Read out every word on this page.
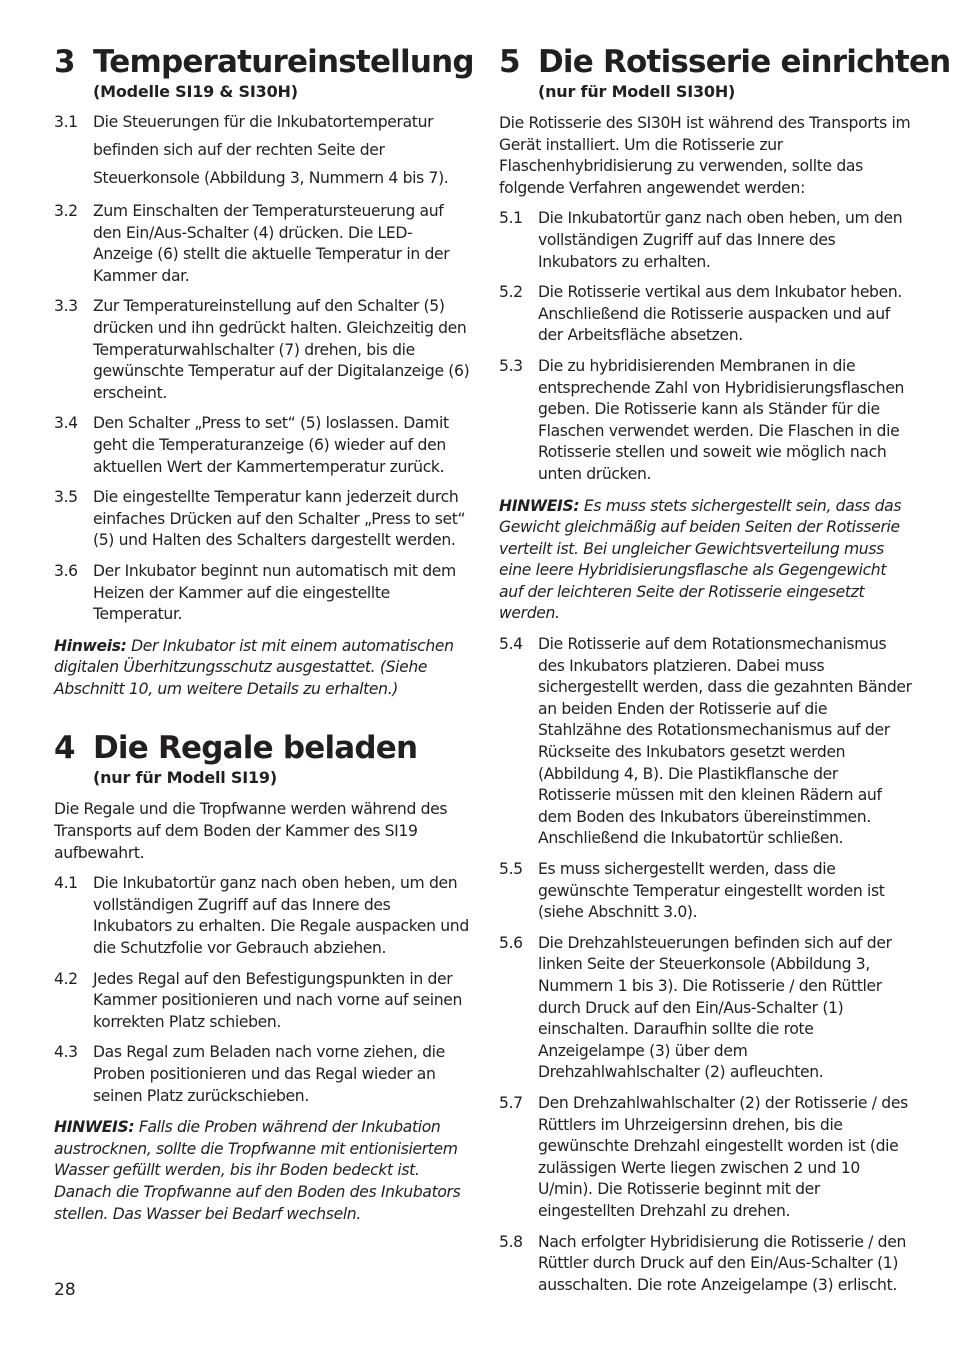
3 Temperatureinstellung
(Modelle SI19 & SI30H)
3.1 Die Steuerungen für die Inkubatortemperatur befinden sich auf der rechten Seite der Steuerkonsole (Abbildung 3, Nummern 4 bis 7).
3.2 Zum Einschalten der Temperatursteuerung auf den Ein/Aus-Schalter (4) drücken. Die LED-Anzeige (6) stellt die aktuelle Temperatur in der Kammer dar.
3.3 Zur Temperatureinstellung auf den Schalter (5) drücken und ihn gedrückt halten. Gleichzeitig den Temperaturwahlschalter (7) drehen, bis die gewünschte Temperatur auf der Digitalanzeige (6) erscheint.
3.4 Den Schalter „Press to set“ (5) loslassen. Damit geht die Temperaturanzeige (6) wieder auf den aktuellen Wert der Kammertemperatur zurück.
3.5 Die eingestellte Temperatur kann jederzeit durch einfaches Drücken auf den Schalter „Press to set“ (5) und Halten des Schalters dargestellt werden.
3.6 Der Inkubator beginnt nun automatisch mit dem Heizen der Kammer auf die eingestellte Temperatur.
Hinweis: Der Inkubator ist mit einem automatischen digitalen Überhitzungsschutz ausgestattet. (Siehe Abschnitt 10, um weitere Details zu erhalten.)
4 Die Regale beladen
(nur für Modell SI19)
Die Regale und die Tropfwanne werden während des Transports auf dem Boden der Kammer des SI19 aufbewahrt.
4.1 Die Inkubatortür ganz nach oben heben, um den vollständigen Zugriff auf das Innere des Inkubators zu erhalten. Die Regale auspacken und die Schutzfolie vor Gebrauch abziehen.
4.2 Jedes Regal auf den Befestigungspunkten in der Kammer positionieren und nach vorne auf seinen korrekten Platz schieben.
4.3 Das Regal zum Beladen nach vorne ziehen, die Proben positionieren und das Regal wieder an seinen Platz zurückschieben.
HINWEIS: Falls die Proben während der Inkubation austrocknen, sollte die Tropfwanne mit entionisiertem Wasser gefüllt werden, bis ihr Boden bedeckt ist. Danach die Tropfwanne auf den Boden des Inkubators stellen. Das Wasser bei Bedarf wechseln.
5 Die Rotisserie einrichten
(nur für Modell SI30H)
Die Rotisserie des SI30H ist während des Transports im Gerät installiert. Um die Rotisserie zur Flaschenhybridisierung zu verwenden, sollte das folgende Verfahren angewendet werden:
5.1 Die Inkubatortür ganz nach oben heben, um den vollständigen Zugriff auf das Innere des Inkubators zu erhalten.
5.2 Die Rotisserie vertikal aus dem Inkubator heben. Anschließend die Rotisserie auspacken und auf der Arbeitsfläche absetzen.
5.3 Die zu hybridisierenden Membranen in die entsprechende Zahl von Hybridisierungsflaschen geben. Die Rotisserie kann als Ständer für die Flaschen verwendet werden. Die Flaschen in die Rotisserie stellen und soweit wie möglich nach unten drücken.
HINWEIS: Es muss stets sichergestellt sein, dass das Gewicht gleichmäßig auf beiden Seiten der Rotisserie verteilt ist. Bei ungleicher Gewichtsverteilung muss eine leere Hybridisierungsflasche als Gegengewicht auf der leichteren Seite der Rotisserie eingesetzt werden.
5.4 Die Rotisserie auf dem Rotationsmechanismus des Inkubators platzieren. Dabei muss sichergestellt werden, dass die gezahnten Bänder an beiden Enden der Rotisserie auf die Stahlzähne des Rotationsmechanismus auf der Rückseite des Inkubators gesetzt werden (Abbildung 4, B). Die Plastikflansche der Rotisserie müssen mit den kleinen Rädern auf dem Boden des Inkubators übereinstimmen. Anschließend die Inkubatortür schließen.
5.5 Es muss sichergestellt werden, dass die gewünschte Temperatur eingestellt worden ist (siehe Abschnitt 3.0).
5.6 Die Drehzahlsteuerungen befinden sich auf der linken Seite der Steuerkonsole (Abbildung 3, Nummern 1 bis 3). Die Rotisserie / den Rüttler durch Druck auf den Ein/Aus-Schalter (1) einschalten. Daraufhin sollte die rote Anzeigelampe (3) über dem Drehzahlwahlschalter (2) aufleuchten.
5.7 Den Drehzahlwahlschalter (2) der Rotisserie / des Rüttlers im Uhrzeigersinn drehen, bis die gewünschte Drehzahl eingestellt worden ist (die zulässigen Werte liegen zwischen 2 und 10 U/min). Die Rotisserie beginnt mit der eingestellten Drehzahl zu drehen.
5.8 Nach erfolgter Hybridisierung die Rotisserie / den Rüttler durch Druck auf den Ein/Aus-Schalter (1) ausschalten. Die rote Anzeigelampe (3) erlischt.
28
